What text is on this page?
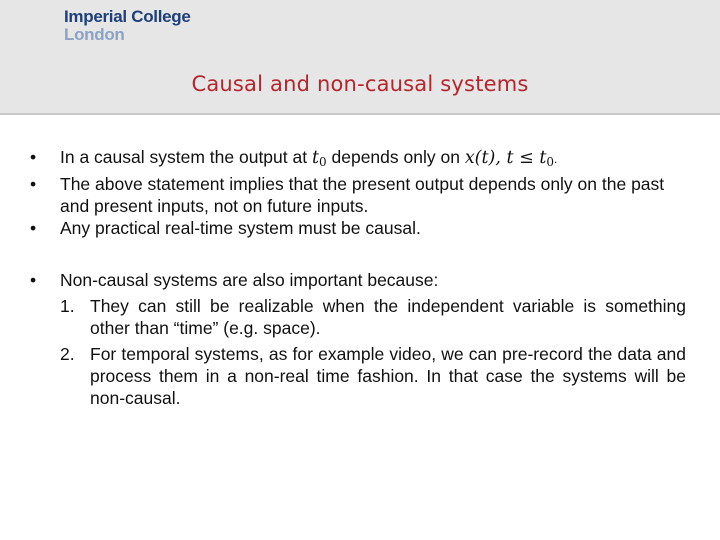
Imperial College
London
Causal and non-causal systems
• In a causal system the output at $t_0$ depends only on x(t), $t \le t_0$.
• The above statement implies that the present output depends only on the past and present inputs, not on future inputs.
• Any practical real-time system must be causal.
• Non-causal systems are also important because:
1. They can still be realizable when the independent variable is something other than “time” (e.g. space).
2. For temporal systems, as for example video, we can pre-record the data and process them in a non-real time fashion. In that case the systems will be non-causal.
